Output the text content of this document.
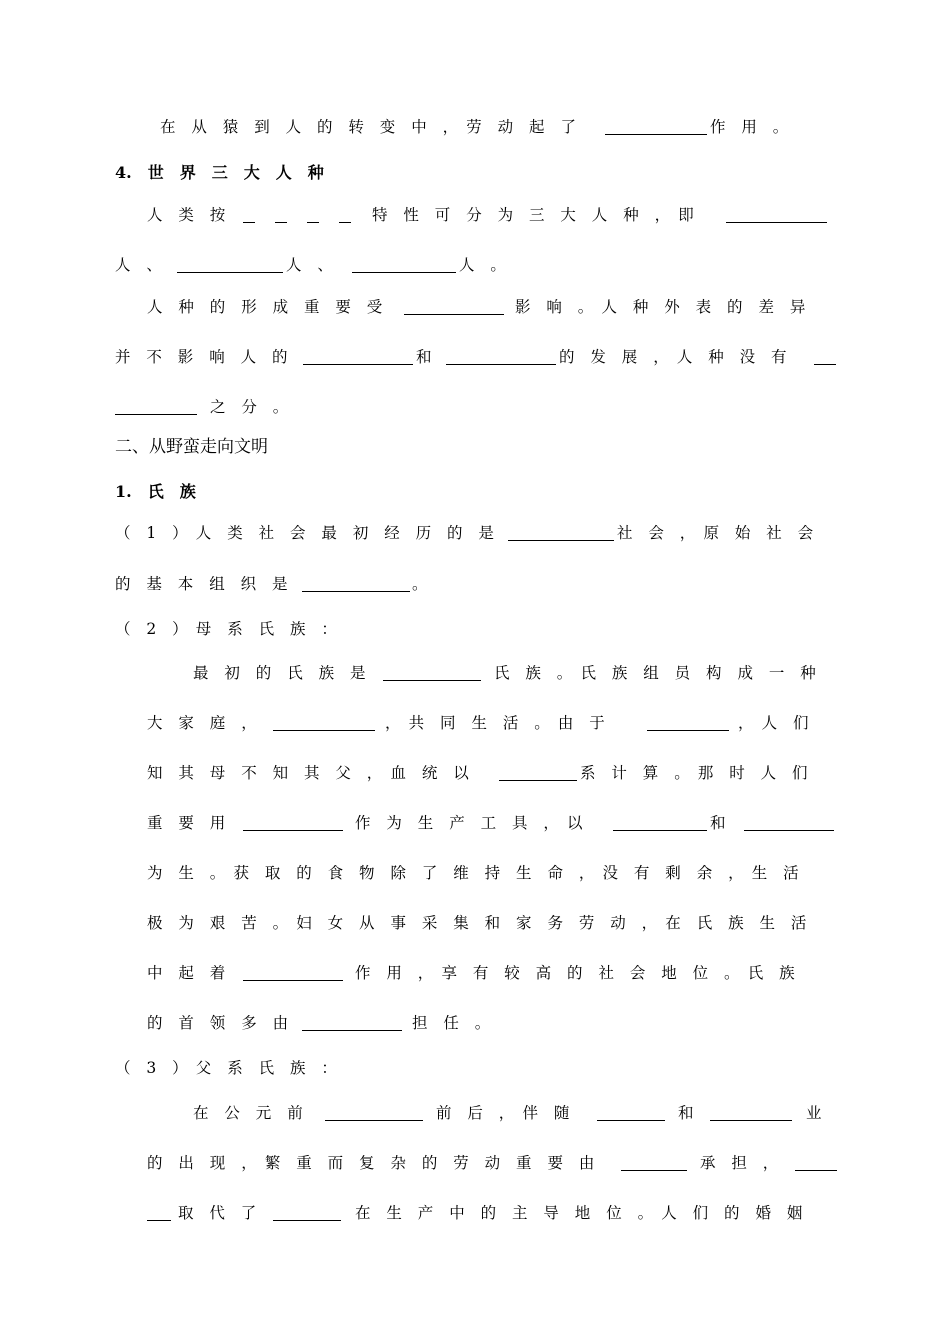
在　从　猿　到　人　的　转　变　中　，　劳　动　起　了	作　用　。
4.　世　界　三　大　人　种
人　类　按	特　性　可　分　为　三　大　人　种　，　即
人　、	人　、	人　。
人　种　的　形　成　重　要　受	影　响　。　人　种　外　表　的　差　异
并　不　影　响　人　的	和	的　发　展　，　人　种　没　有
之　分　。
二、从野蛮走向文明
1.　氏　族
（　1　）　人　类　社　会　最　初　经　历　的　是	社　会　，　原　始　社　会
的　基　本　组　织　是	。
（　2　）　母　系　氏　族　：
最　初　的　氏　族　是	氏　族　。　氏　族　组　员　构　成　一　种
大　家　庭　，	，　共　同　生　活　。　由　于	，　人　们
知　其　母　不　知　其　父　，　血　统　以	系　计　算　。　那　时　人　们
重　要　用	作　为　生　产　工　具　，　以	和
为　生　。　获　取　的　食　物　除　了　维　持　生　命　，　没　有　剩　余　，　生　活
极　为　艰　苦　。　妇　女　从　事　采　集　和　家　务　劳　动　，　在　氏　族　生　活
中　起　着	作　用　，　享　有　较　高　的　社　会　地　位　。　氏　族
的　首　领　多　由	担　任　。
（　3　）　父　系　氏　族　：
在　公　元　前	前　后　，　伴　随	和	业
的　出　现　，　繁　重　而　复　杂　的　劳　动　重　要　由	承　担　，
取　代　了	在　生　产　中　的　主　导　地　位　。　人　们　的　婚　姻
